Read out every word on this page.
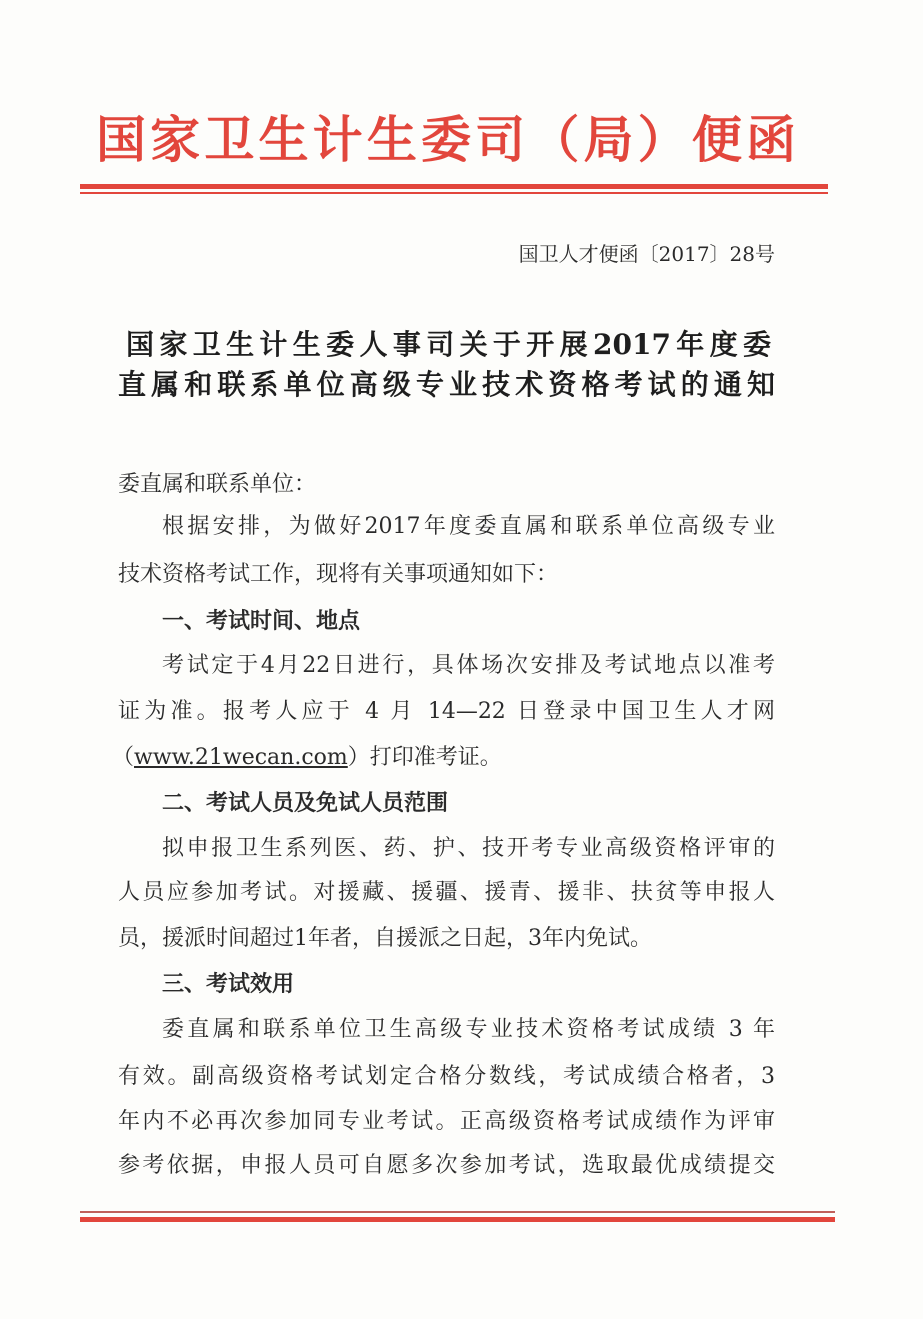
国家卫生计生委司（局）便函
国卫人才便函〔2017〕28号
国家卫生计生委人事司关于开展2017年度委
直属和联系单位高级专业技术资格考试的通知
委直属和联系单位：
根据安排，为做好2017年度委直属和联系单位高级专业
技术资格考试工作，现将有关事项通知如下：
一、考试时间、地点
考试定于4月22日进行，具体场次安排及考试地点以准考
证为准。报考人应于 4 月 14—22 日登录中国卫生人才网
（www.21wecan.com）打印准考证。
二、考试人员及免试人员范围
拟申报卫生系列医、药、护、技开考专业高级资格评审的
人员应参加考试。对援藏、援疆、援青、援非、扶贫等申报人
员，援派时间超过1年者，自援派之日起，3年内免试。
三、考试效用
委直属和联系单位卫生高级专业技术资格考试成绩 3 年
有效。副高级资格考试划定合格分数线，考试成绩合格者，3
年内不必再次参加同专业考试。正高级资格考试成绩作为评审
参考依据，申报人员可自愿多次参加考试，选取最优成绩提交
